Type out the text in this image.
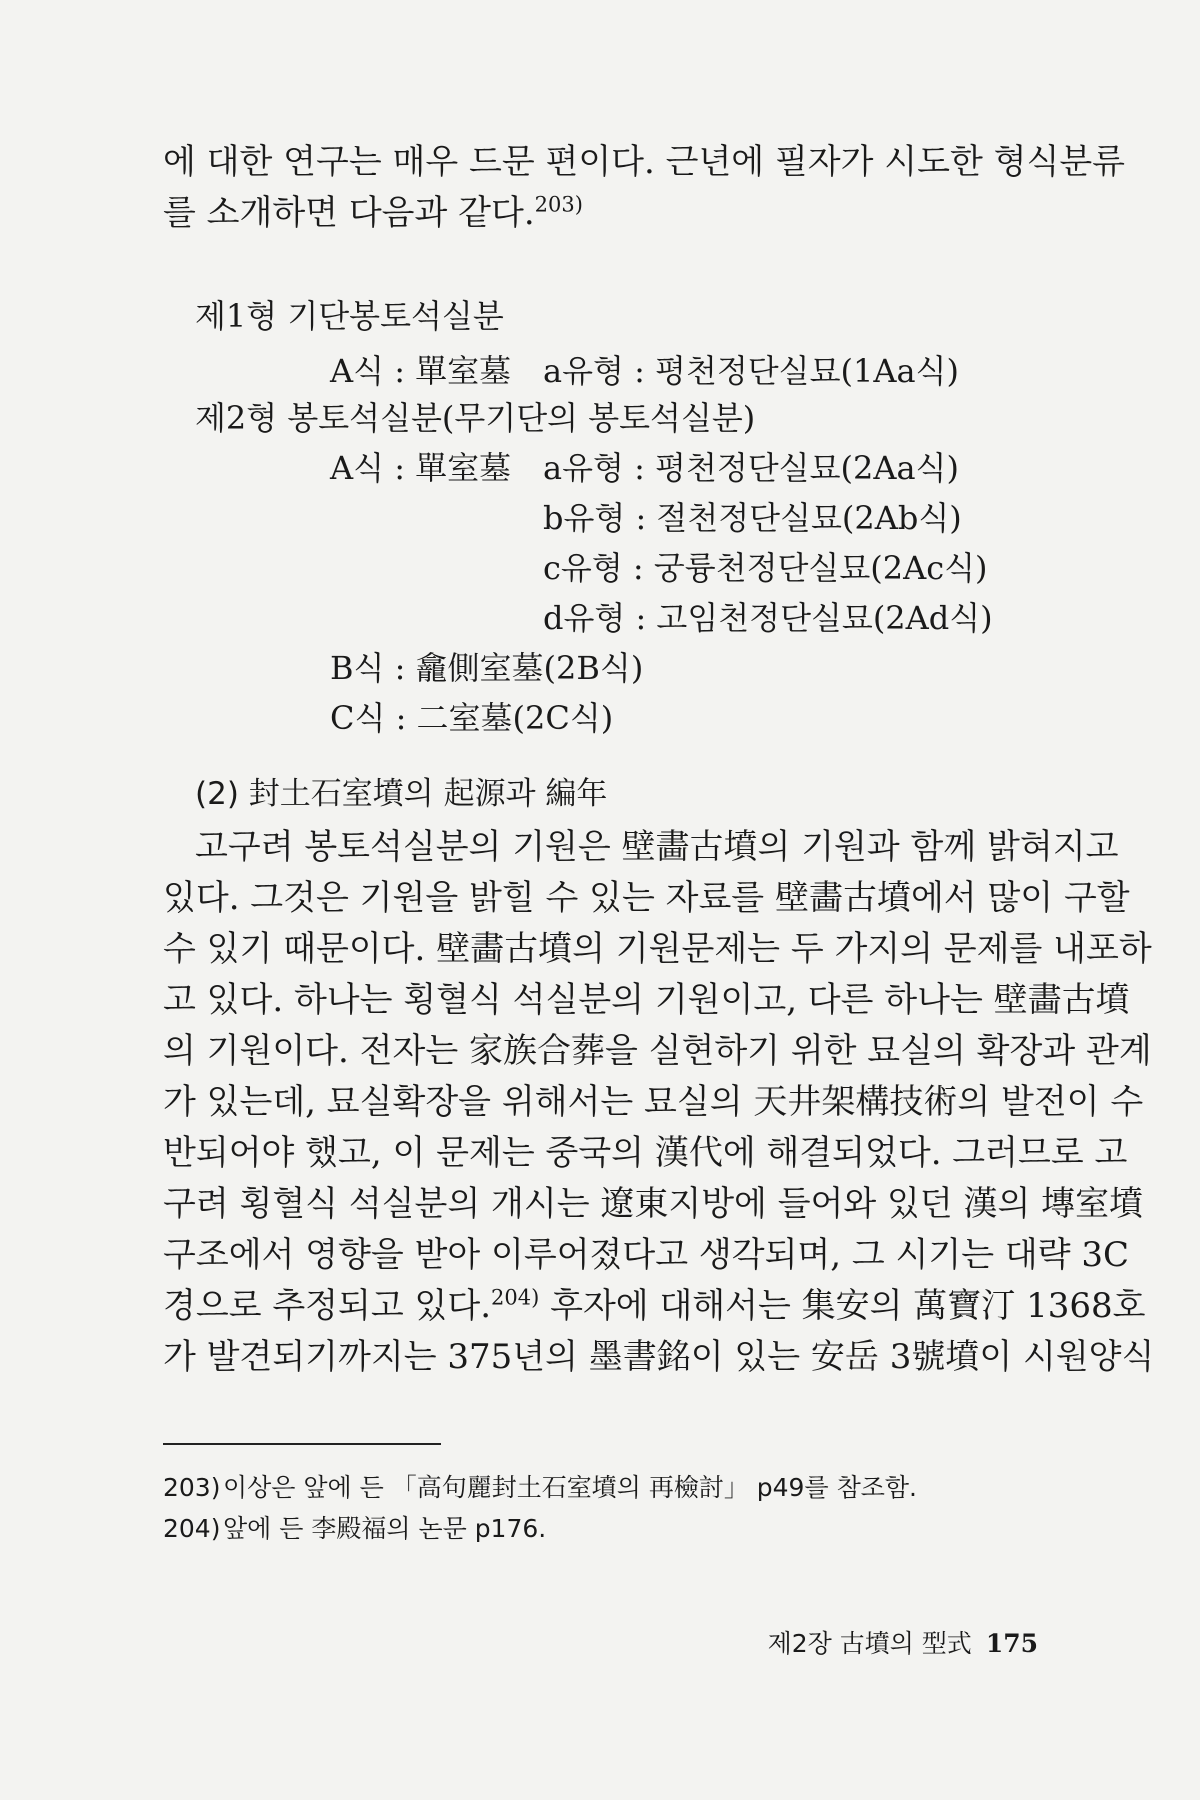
에 대한 연구는 매우 드문 편이다. 근년에 필자가 시도한 형식분류
를 소개하면 다음과 같다.$^{203)}$

제1형 기단봉토석실분
A식 : 單室墓 a유형 : 평천정단실묘(1Aa식)
제2형 봉토석실분(무기단의 봉토석실분)
A식 : 單室墓 a유형 : 평천정단실묘(2Aa식)
b유형 : 절천정단실묘(2Ab식)
c유형 : 궁륭천정단실묘(2Ac식)
d유형 : 고임천정단실묘(2Ad식)
B식 : 龕側室墓(2B식)
C식 : 二室墓(2C식)
(2) 封土石室墳의 起源과 編年

고구려 봉토석실분의 기원은 壁畵古墳의 기원과 함께 밝혀지고
있다. 그것은 기원을 밝힐 수 있는 자료를 壁畵古墳에서 많이 구할
수 있기 때문이다. 壁畵古墳의 기원문제는 두 가지의 문제를 내포하
고 있다. 하나는 횡혈식 석실분의 기원이고, 다른 하나는 壁畵古墳
의 기원이다. 전자는 家族合葬을 실현하기 위한 묘실의 확장과 관계
가 있는데, 묘실확장을 위해서는 묘실의 天井架構技術의 발전이 수
반되어야 했고, 이 문제는 중국의 漢代에 해결되었다. 그러므로 고
구려 횡혈식 석실분의 개시는 遼東지방에 들어와 있던 漢의 塼室墳
구조에서 영향을 받아 이루어졌다고 생각되며, 그 시기는 대략 3C
경으로 추정되고 있다.$^{204)}$ 후자에 대해서는 集安의 萬寶汀 1368호
가 발견되기까지는 375년의 墨書銘이 있는 安岳 3號墳이 시원양식

203) 이상은 앞에 든 「高句麗封土石室墳의 再檢討」 p49를 참조함.
204) 앞에 든 李殿福의 논문 p176.
제2장 古墳의 型式 175
